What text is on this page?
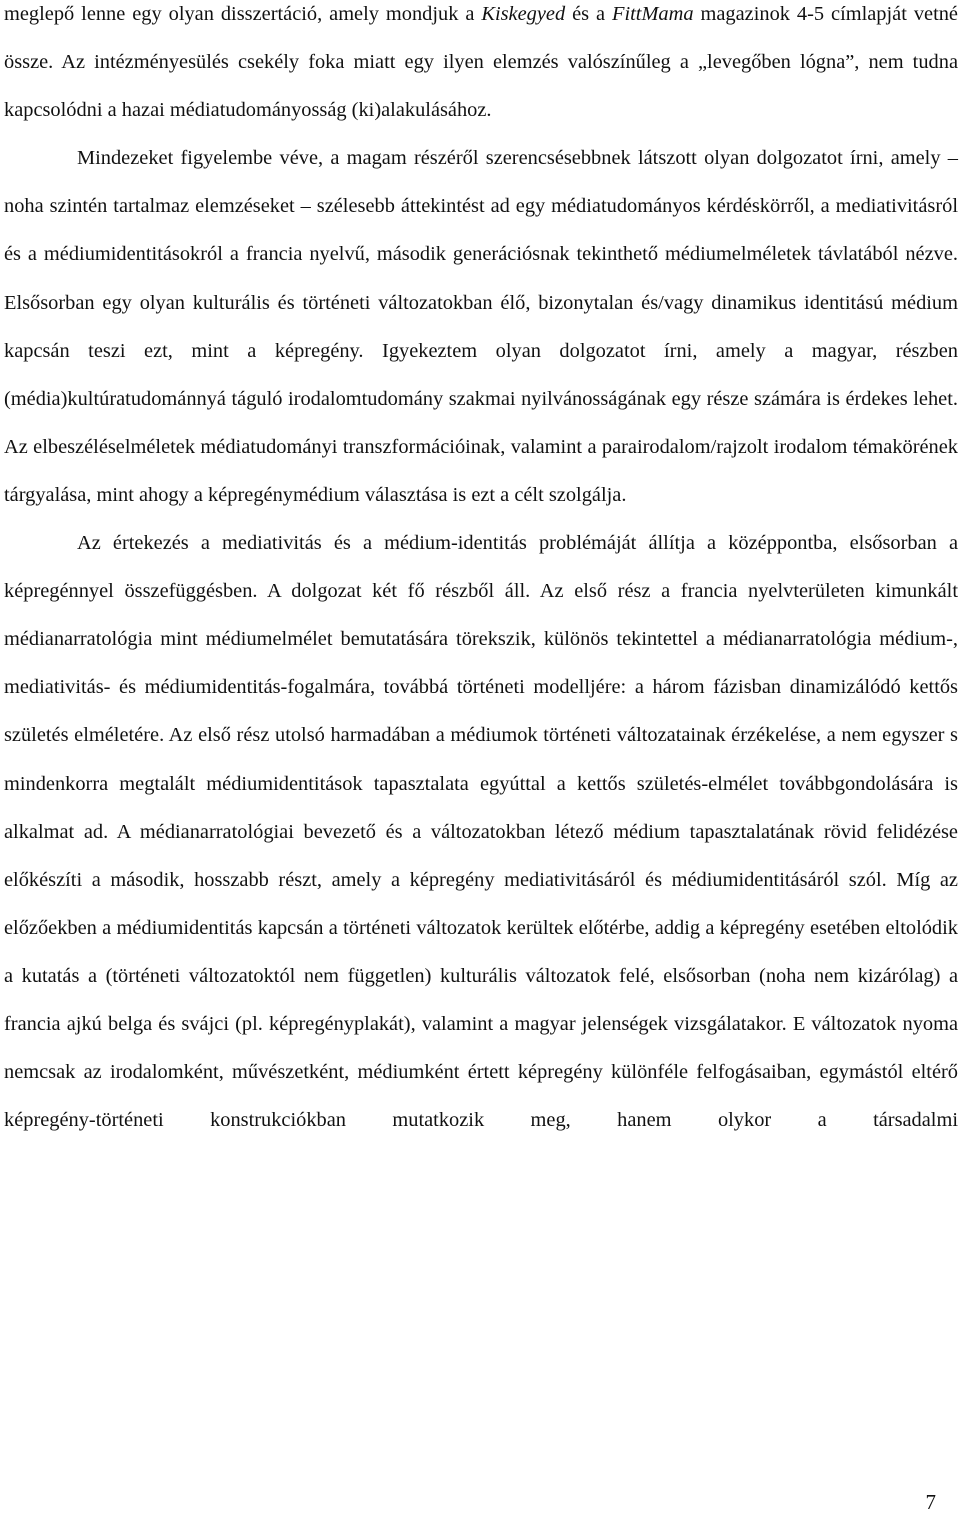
meglepő lenne egy olyan disszertáció, amely mondjuk a Kiskegyed és a FittMama magazinok 4-5 címlapját vetné össze. Az intézményesülés csekély foka miatt egy ilyen elemzés valószínűleg a „levegőben lógna”, nem tudna kapcsolódni a hazai médiatudományosság (ki)alakulásához.

Mindezeket figyelembe véve, a magam részéről szerencsésebbnek látszott olyan dolgozatot írni, amely – noha szintén tartalmaz elemzéseket – szélesebb áttekintést ad egy médiatudományos kérdéskörről, a mediativitásról és a médiumidentitásokról a francia nyelvű, második generációsnak tekinthető médiumelméletek távlatából nézve. Elsősorban egy olyan kulturális és történeti változatokban élő, bizonytalan és/vagy dinamikus identitású médium kapcsán teszi ezt, mint a képregény. Igyekeztem olyan dolgozatot írni, amely a magyar, részben (média)kultúratudománnyá táguló irodalomtudomány szakmai nyilvánosságának egy része számára is érdekes lehet. Az elbeszéléselméletek médiatudományi transzformációinak, valamint a parairodalom/rajzolt irodalom témakörének tárgyalása, mint ahogy a képregénymédium választása is ezt a célt szolgálja.

Az értekezés a mediativitás és a médium-identitás problémáját állítja a középpontba, elsősorban a képregénnyel összefüggésben. A dolgozat két fő részből áll. Az első rész a francia nyelvterületen kimunkált médianarratológia mint médiumelmélet bemutatására törekszik, különös tekintettel a médianarratológia médium-, mediativitás- és médiumidentitás-fogalmára, továbbá történeti modelljére: a három fázisban dinamizálódó kettős születés elméletére. Az első rész utolsó harmadában a médiumok történeti változatainak érzékelése, a nem egyszer s mindenkorra megtalált médiumidentitások tapasztalata egyúttal a kettős születés-elmélet továbbgondolására is alkalmat ad. A médianarratológiai bevezető és a változatokban létező médium tapasztalatának rövid felidézése előkészíti a második, hosszabb részt, amely a képregény mediativitásáról és médiumidentitásáról szól. Míg az előzőekben a médiumidentitás kapcsán a történeti változatok kerültek előtérbe, addig a képregény esetében eltolódik a kutatás a (történeti változatoktól nem független) kulturális változatok felé, elsősorban (noha nem kizárólag) a francia ajkú belga és svájci (pl. képregényplakát), valamint a magyar jelenségek vizsgálatakor. E változatok nyoma nemcsak az irodalomként, művészetként, médiumként értett képregény különféle felfogásaiban, egymástól eltérő képregény-történeti konstrukciókban mutatkozik meg, hanem olykor a társadalmi

7
